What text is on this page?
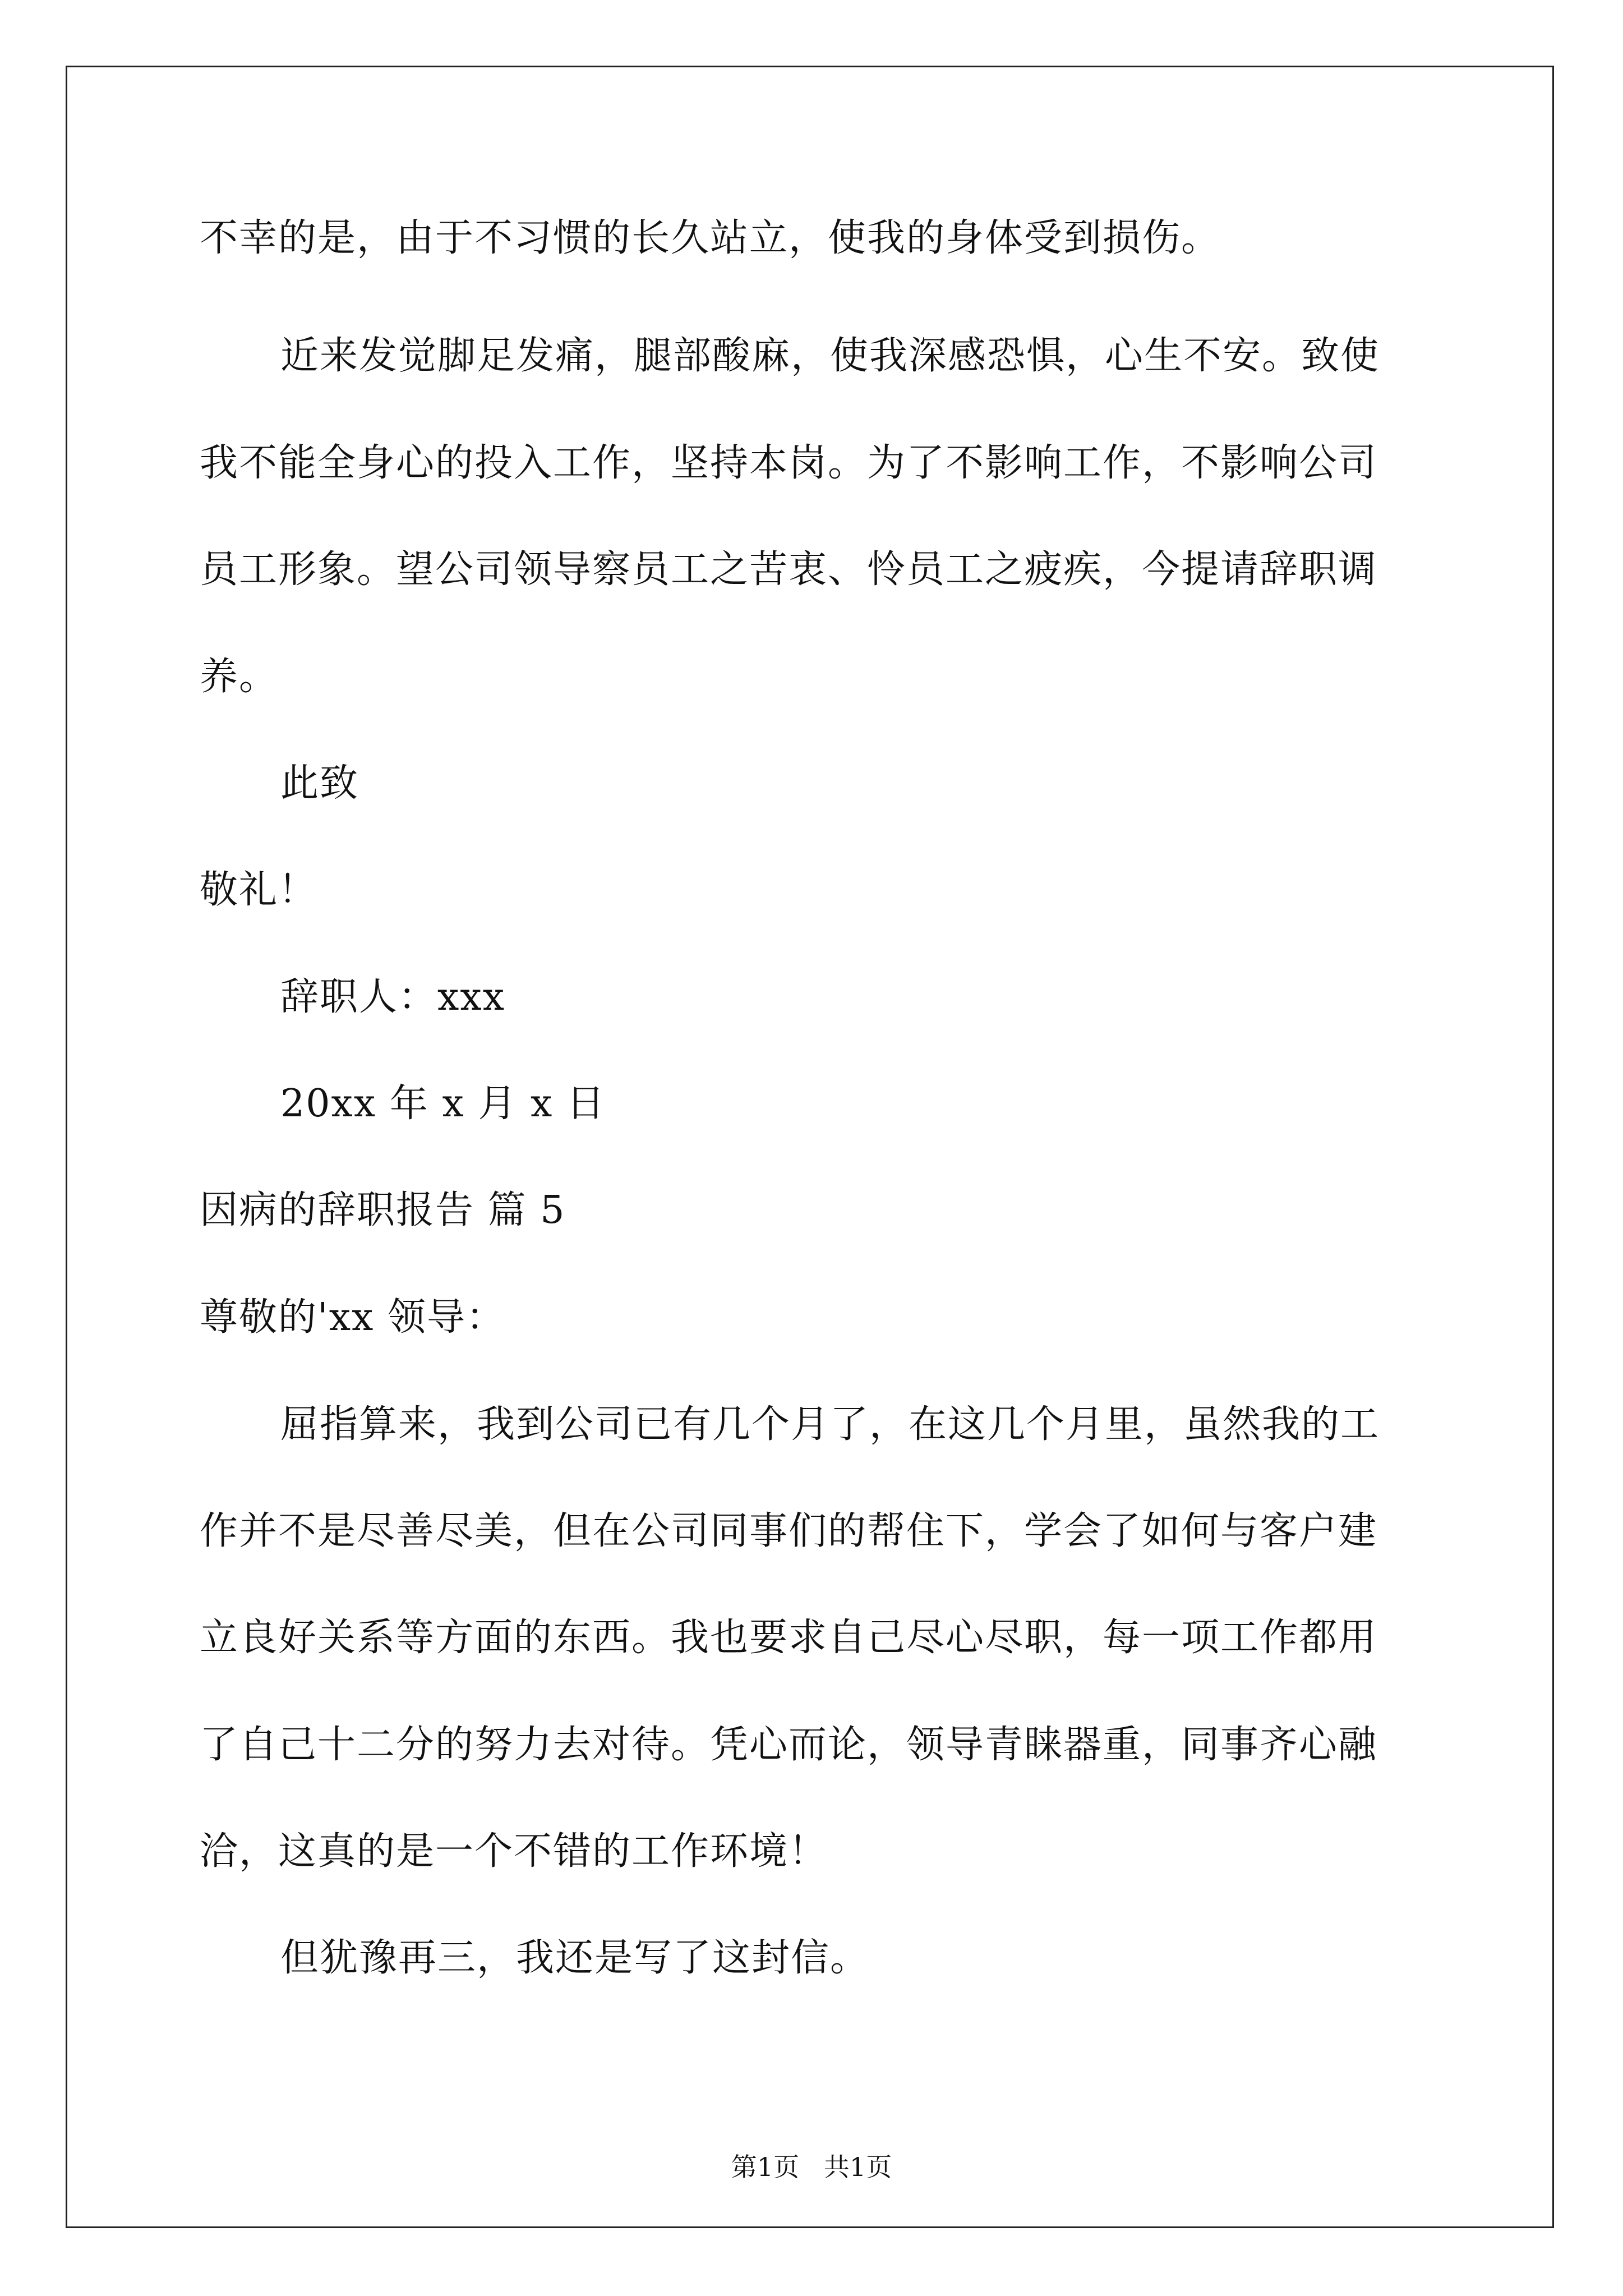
不幸的是，由于不习惯的长久站立，使我的身体受到损伤。
近来发觉脚足发痛，腿部酸麻，使我深感恐惧，心生不安。致使
我不能全身心的投入工作，坚持本岗。为了不影响工作，不影响公司
员工形象。望公司领导察员工之苦衷、怜员工之疲疾，今提请辞职调
养。
此致
敬礼！
辞职人：xxx
20xx 年 x 月 x 日
因病的辞职报告 篇 5
尊敬的'xx 领导：
屈指算来，我到公司已有几个月了，在这几个月里，虽然我的工
作并不是尽善尽美，但在公司同事们的帮住下，学会了如何与客户建
立良好关系等方面的东西。我也要求自己尽心尽职，每一项工作都用
了自己十二分的努力去对待。凭心而论，领导青睐器重，同事齐心融
洽，这真的是一个不错的工作环境！
但犹豫再三，我还是写了这封信。
第1页   共1页
